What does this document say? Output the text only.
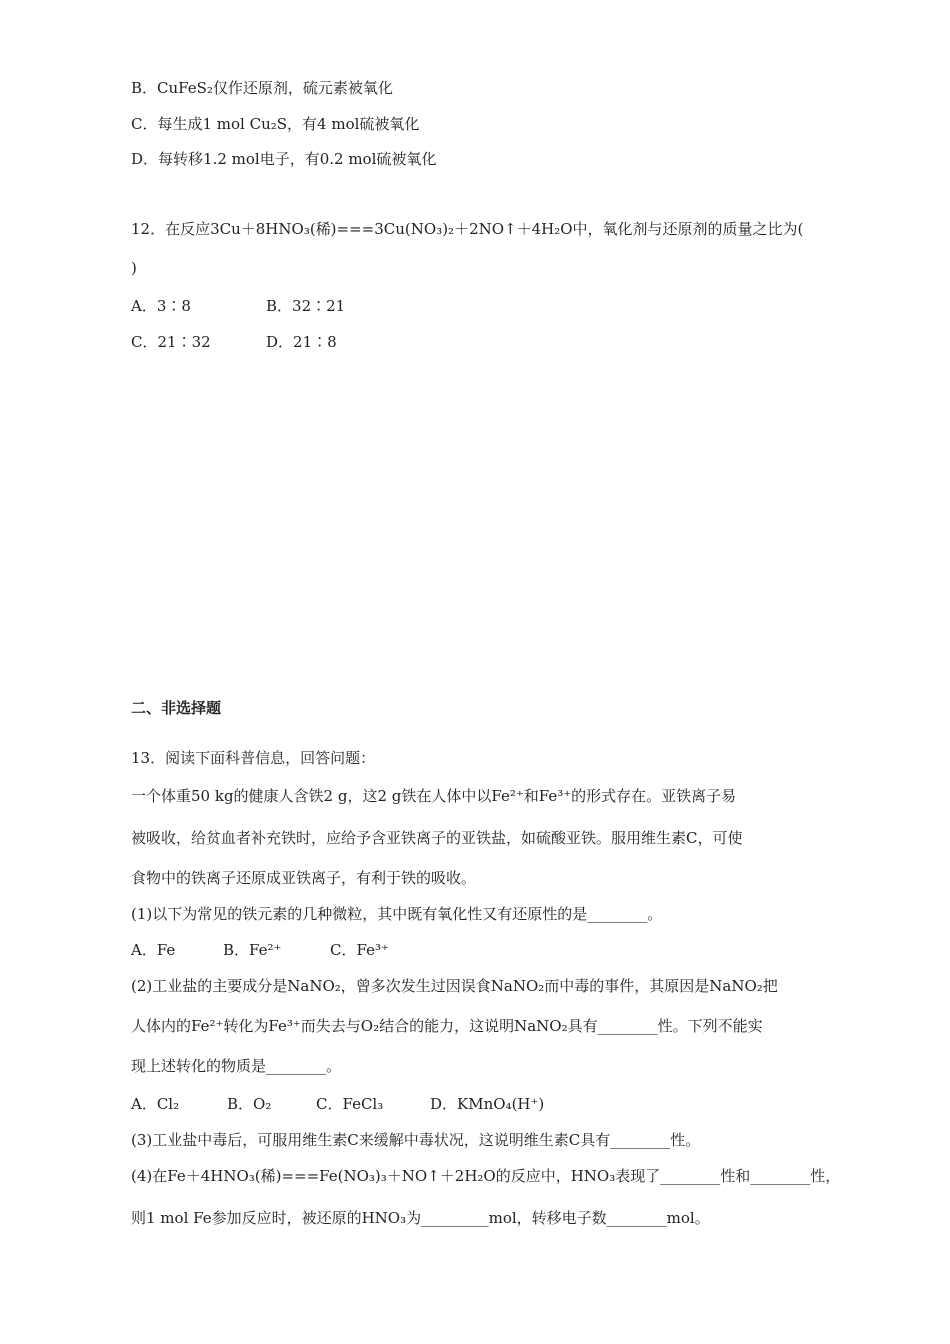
B．CuFeS₂仅作还原剂，硫元素被氧化
C．每生成1 mol Cu₂S，有4 mol硫被氧化
D．每转移1.2 mol电子，有0.2 mol硫被氧化
12．在反应3Cu＋8HNO₃(稀)===3Cu(NO₃)₂＋2NO↑＋4H₂O中，氧化剂与还原剂的质量之比为(
)
A．3∶8	B．32∶21
C．21∶32	D．21∶8
二、非选择题
13．阅读下面科普信息，回答问题：
一个体重50 kg的健康人含铁2 g，这2 g铁在人体中以Fe²⁺和Fe³⁺的形式存在。亚铁离子易
被吸收，给贫血者补充铁时，应给予含亚铁离子的亚铁盐，如硫酸亚铁。服用维生素C，可使
食物中的铁离子还原成亚铁离子，有利于铁的吸收。
(1)以下为常见的铁元素的几种微粒，其中既有氧化性又有还原性的是________。
A．Fe	B．Fe²⁺	C．Fe³⁺
(2)工业盐的主要成分是NaNO₂，曾多次发生过因误食NaNO₂而中毒的事件，其原因是NaNO₂把
人体内的Fe²⁺转化为Fe³⁺而失去与O₂结合的能力，这说明NaNO₂具有________性。下列不能实
现上述转化的物质是________。
A．Cl₂	B．O₂	C．FeCl₃	D．KMnO₄(H⁺)
(3)工业盐中毒后，可服用维生素C来缓解中毒状况，这说明维生素C具有________性。
(4)在Fe＋4HNO₃(稀)===Fe(NO₃)₃＋NO↑＋2H₂O的反应中，HNO₃表现了________性和________性，
则1 mol Fe参加反应时，被还原的HNO₃为_________mol，转移电子数________mol。
